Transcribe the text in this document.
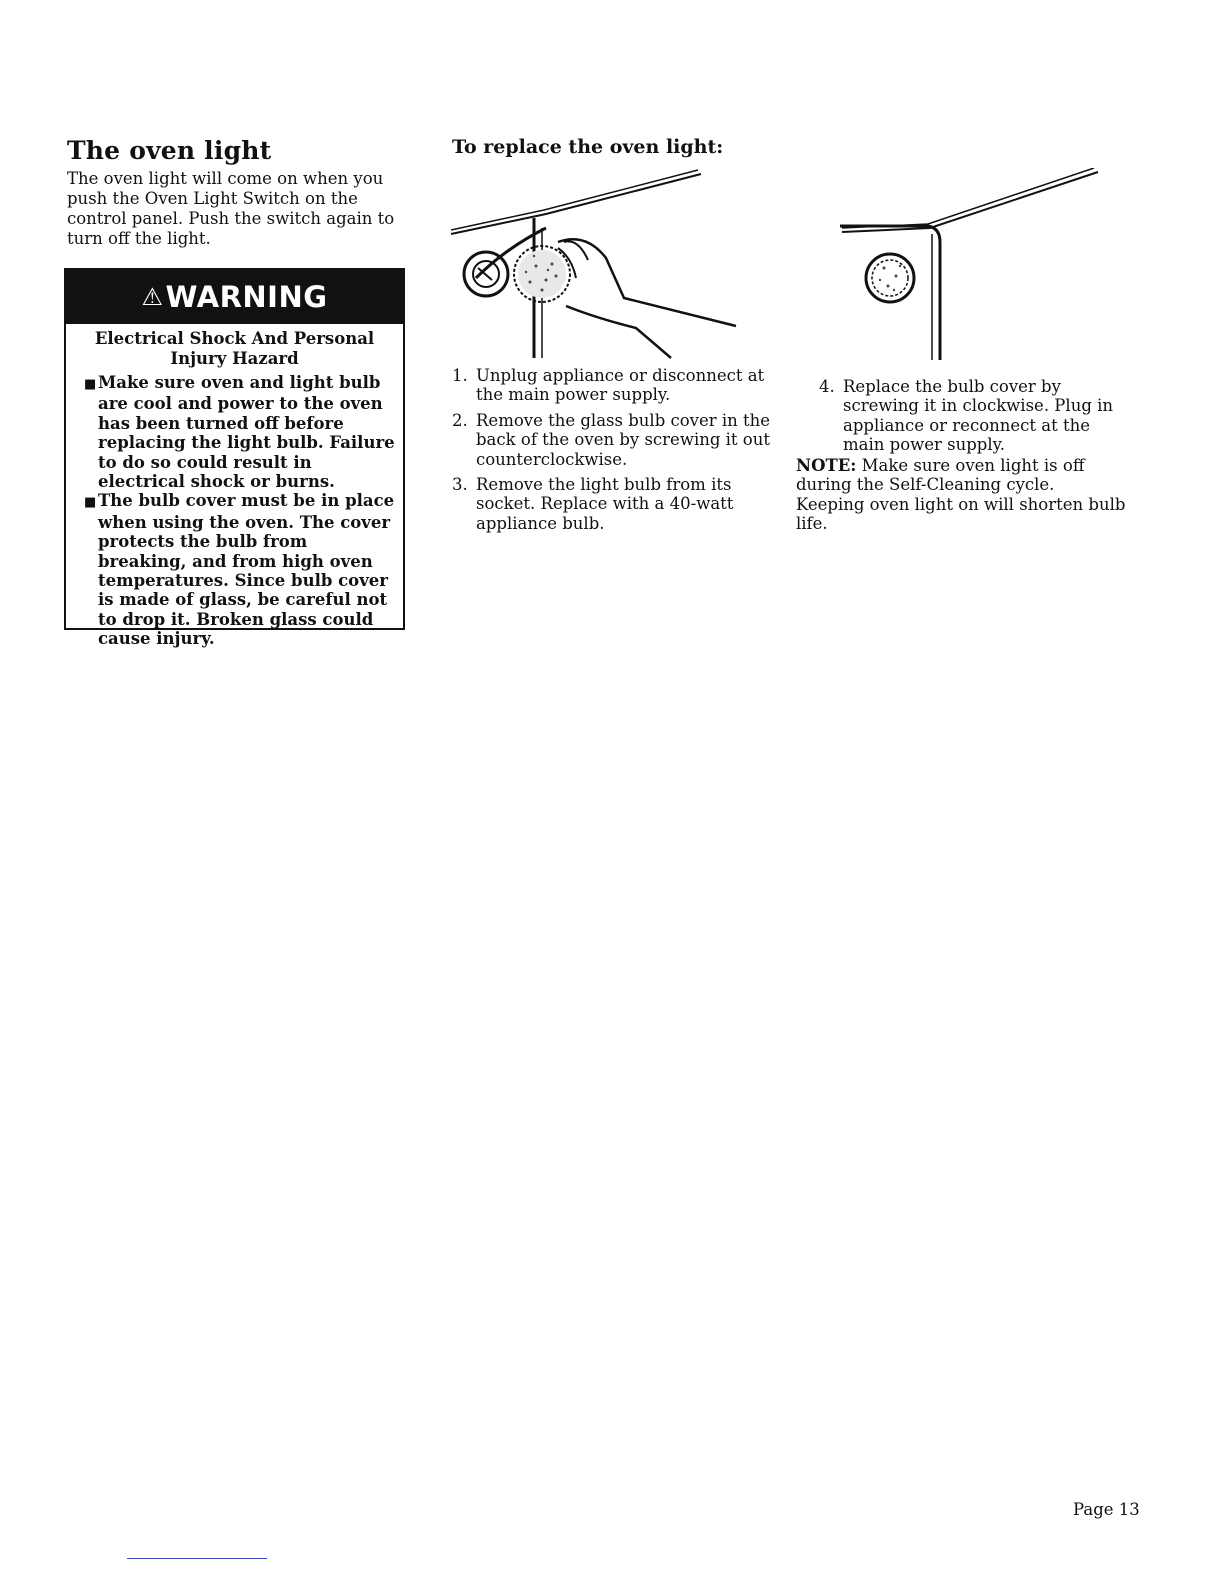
The oven light

The oven light will come on when you push the Oven Light Switch on the control panel. Push the switch again to turn off the light.

⚠ WARNING

Electrical Shock And Personal Injury Hazard

■ Make sure oven and light bulb are cool and power to the oven has been turned off before replacing the light bulb. Failure to do so could result in electrical shock or burns.
■ The bulb cover must be in place when using the oven. The cover protects the bulb from breaking, and from high oven temperatures. Since bulb cover is made of glass, be careful not to drop it. Broken glass could cause injury.
To replace the oven light:
1. Unplug appliance or disconnect at the main power supply.
2. Remove the glass bulb cover in the back of the oven by screwing it out counterclockwise.
3. Remove the light bulb from its socket. Replace with a 40-watt appliance bulb.
4. Replace the bulb cover by screwing it in clockwise. Plug in appliance or reconnect at the main power supply.

NOTE: Make sure oven light is off during the Self-Cleaning cycle. Keeping oven light on will shorten bulb life.

Page 13
